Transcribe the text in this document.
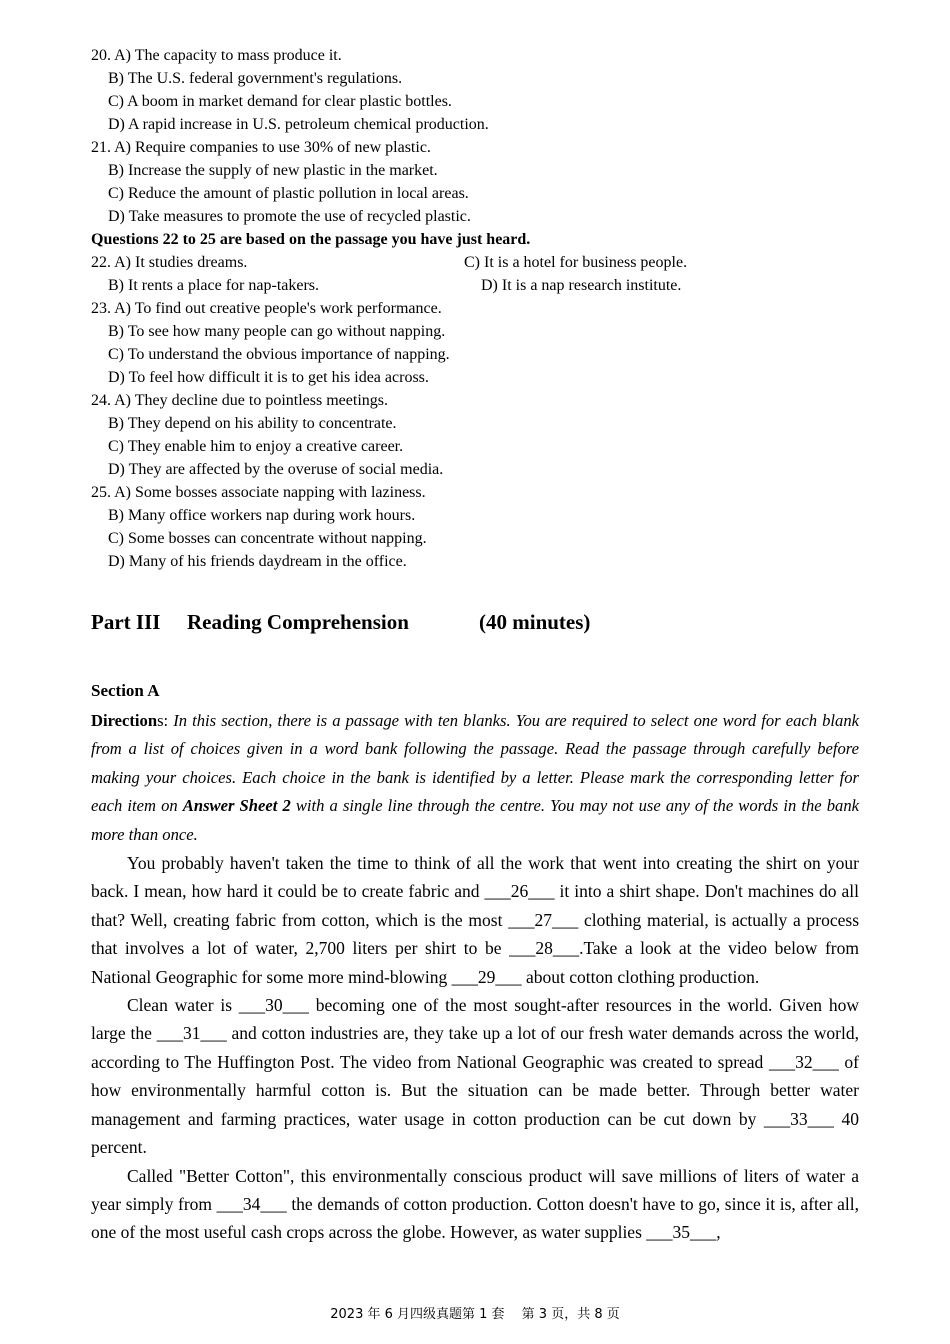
20. A) The capacity to mass produce it.
B) The U.S. federal government's regulations.
C) A boom in market demand for clear plastic bottles.
D) A rapid increase in U.S. petroleum chemical production.
21. A) Require companies to use 30% of new plastic.
B) Increase the supply of new plastic in the market.
C) Reduce the amount of plastic pollution in local areas.
D) Take measures to promote the use of recycled plastic.
Questions 22 to 25 are based on the passage you have just heard.
22. A) It studies dreams.	C) It is a hotel for business people.
B) It rents a place for nap-takers.	D) It is a nap research institute.
23. A) To find out creative people's work performance.
B) To see how many people can go without napping.
C) To understand the obvious importance of napping.
D) To feel how difficult it is to get his idea across.
24. A) They decline due to pointless meetings.
B) They depend on his ability to concentrate.
C) They enable him to enjoy a creative career.
D) They are affected by the overuse of social media.
25. A) Some bosses associate napping with laziness.
B) Many office workers nap during work hours.
C) Some bosses can concentrate without napping.
D) Many of his friends daydream in the office.
Part III Reading Comprehension	(40 minutes)
Section A
Directions: In this section, there is a passage with ten blanks. You are required to select one word for each blank from a list of choices given in a word bank following the passage. Read the passage through carefully before making your choices. Each choice in the bank is identified by a letter. Please mark the corresponding letter for each item on Answer Sheet 2 with a single line through the centre. You may not use any of the words in the bank more than once.
You probably haven't taken the time to think of all the work that went into creating the shirt on your back. I mean, how hard it could be to create fabric and ___26___ it into a shirt shape. Don't machines do all that? Well, creating fabric from cotton, which is the most ___27___ clothing material, is actually a process that involves a lot of water, 2,700 liters per shirt to be ___28___.Take a look at the video below from National Geographic for some more mind-blowing ___29___ about cotton clothing production.
Clean water is ___30___ becoming one of the most sought-after resources in the world. Given how large the ___31___ and cotton industries are, they take up a lot of our fresh water demands across the world, according to The Huffington Post. The video from National Geographic was created to spread ___32___ of how environmentally harmful cotton is. But the situation can be made better. Through better water management and farming practices, water usage in cotton production can be cut down by ___33___ 40 percent.
Called "Better Cotton", this environmentally conscious product will save millions of liters of water a year simply from ___34___ the demands of cotton production. Cotton doesn't have to go, since it is, after all, one of the most useful cash crops across the globe. However, as water supplies ___35___,
2023 年 6 月四级真题第 1 套　 第 3 页，共 8 页
